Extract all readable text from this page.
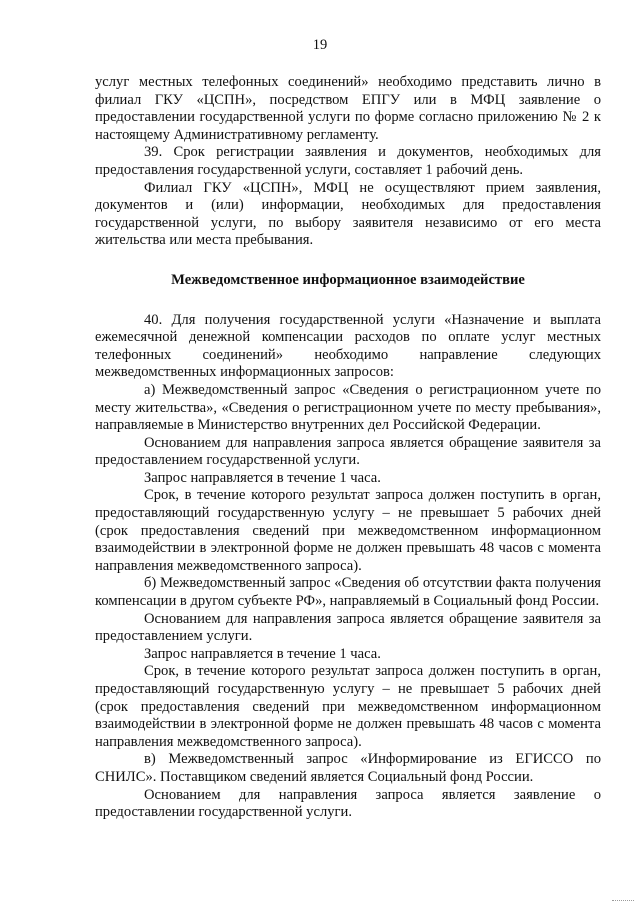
19

услуг местных телефонных соединений» необходимо представить лично в филиал ГКУ «ЦСПН», посредством ЕПГУ или в МФЦ заявление о предоставлении государственной услуги по форме согласно приложению № 2 к настоящему Административному регламенту.

39. Срок регистрации заявления и документов, необходимых для предоставления государственной услуги, составляет 1 рабочий день.

Филиал ГКУ «ЦСПН», МФЦ не осуществляют прием заявления, документов и (или) информации, необходимых для предоставления государственной услуги, по выбору заявителя независимо от его места жительства или места пребывания.

Межведомственное информационное взаимодействие

40. Для получения государственной услуги «Назначение и выплата ежемесячной денежной компенсации расходов по оплате услуг местных телефонных соединений» необходимо направление следующих межведомственных информационных запросов:

а) Межведомственный запрос «Сведения о регистрационном учете по месту жительства», «Сведения о регистрационном учете по месту пребывания», направляемые в Министерство внутренних дел Российской Федерации.

Основанием для направления запроса является обращение заявителя за предоставлением государственной услуги.

Запрос направляется в течение 1 часа.

Срок, в течение которого результат запроса должен поступить в орган, предоставляющий государственную услугу – не превышает 5 рабочих дней (срок предоставления сведений при межведомственном информационном взаимодействии в электронной форме не должен превышать 48 часов с момента направления межведомственного запроса).

б) Межведомственный запрос «Сведения об отсутствии факта получения компенсации в другом субъекте РФ», направляемый в Социальный фонд России.

Основанием для направления запроса является обращение заявителя за предоставлением услуги.

Запрос направляется в течение 1 часа.

Срок, в течение которого результат запроса должен поступить в орган, предоставляющий государственную услугу – не превышает 5 рабочих дней (срок предоставления сведений при межведомственном информационном взаимодействии в электронной форме не должен превышать 48 часов с момента направления межведомственного запроса).

в) Межведомственный запрос «Информирование из ЕГИССО по СНИЛС». Поставщиком сведений является Социальный фонд России.

Основанием для направления запроса является заявление о предоставлении государственной услуги.
